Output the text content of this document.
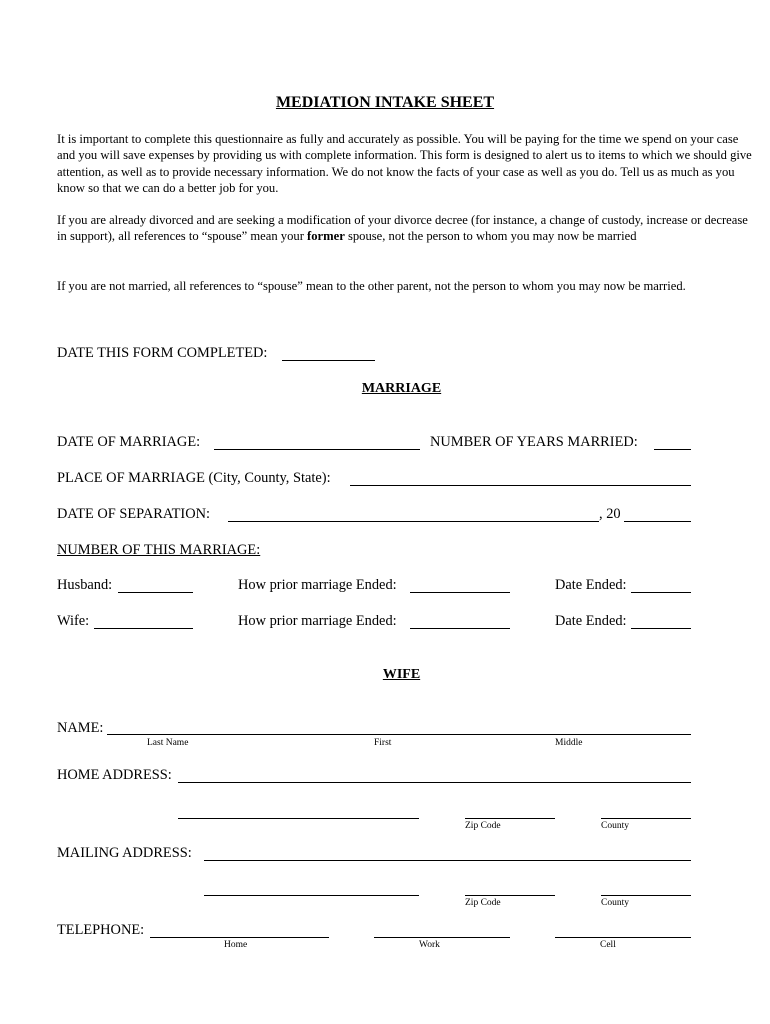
MEDIATION INTAKE SHEET
It is important to complete this questionnaire as fully and accurately as possible. You will be paying for the time we spend on your case and you will save expenses by providing us with complete information. This form is designed to alert us to items to which we should give attention, as well as to provide necessary information. We do not know the facts of your case as well as you do. Tell us as much as you know so that we can do a better job for you.
If you are already divorced and are seeking a modification of your divorce decree (for instance, a change of custody, increase or decrease in support), all references to “spouse” mean your former spouse, not the person to whom you may now be married
If you are not married, all references to “spouse” mean to the other parent, not the person to whom you may now be married.
DATE THIS FORM COMPLETED:
MARRIAGE
DATE OF MARRIAGE:	NUMBER OF YEARS MARRIED:
PLACE OF MARRIAGE (City, County, State):
DATE OF SEPARATION:	, 20
NUMBER OF THIS MARRIAGE:
Husband:	How prior marriage Ended:	Date Ended:
Wife:	How prior marriage Ended:	Date Ended:
WIFE
NAME:
Last Name	First	Middle
HOME ADDRESS:
Zip Code	County
MAILING ADDRESS:
Zip Code	County
TELEPHONE:
Home	Work	Cell
